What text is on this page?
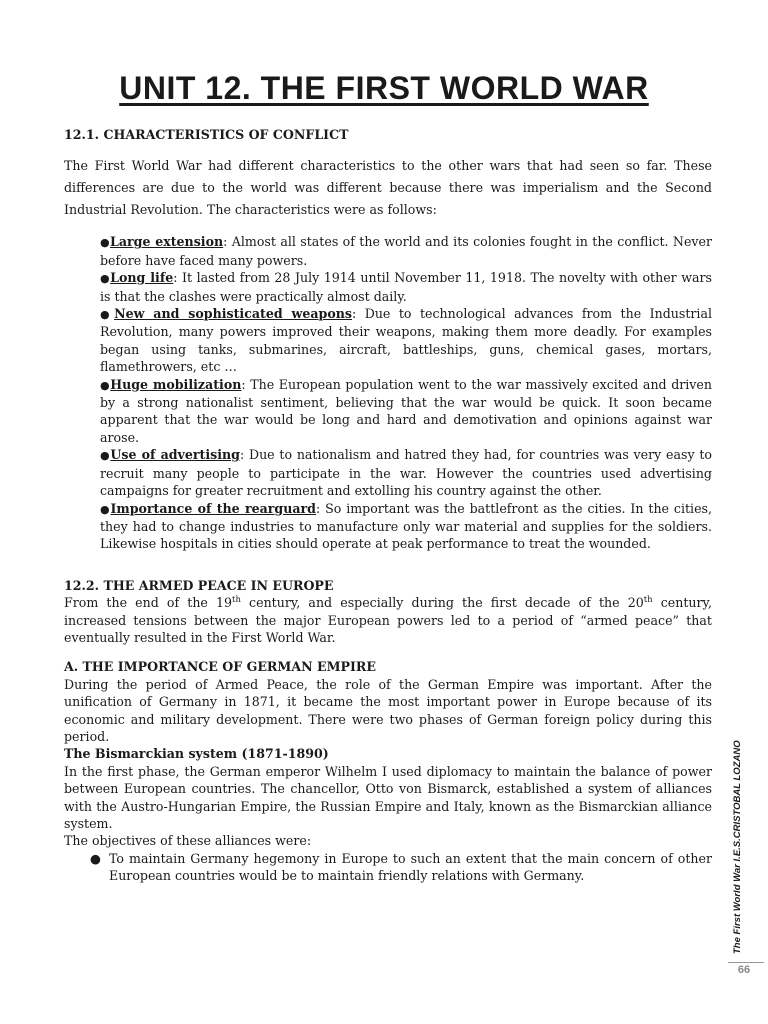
UNIT 12. THE FIRST WORLD WAR
12.1. CHARACTERISTICS OF CONFLICT

The First World War had different characteristics to the other wars that had seen so far. These differences are due to the world was different because there was imperialism and the Second Industrial Revolution. The characteristics were as follows:

●Large extension: Almost all states of the world and its colonies fought in the conflict. Never before have faced many powers.
●Long life: It lasted from 28 July 1914 until November 11, 1918. The novelty with other wars is that the clashes were practically almost daily.
●New and sophisticated weapons: Due to technological advances from the Industrial Revolution, many powers improved their weapons, making them more deadly. For examples began using tanks, submarines, aircraft, battleships, guns, chemical gases, mortars, flamethrowers, etc …
●Huge mobilization: The European population went to the war massively excited and driven by a strong nationalist sentiment, believing that the war would be quick. It soon became apparent that the war would be long and hard and demotivation and opinions against war arose.
●Use of advertising: Due to nationalism and hatred they had, for countries was very easy to recruit many people to participate in the war. However the countries used advertising campaigns for greater recruitment and extolling his country against the other.
●Importance of the rearguard: So important was the battlefront as the cities. In the cities, they had to change industries to manufacture only war material and supplies for the soldiers. Likewise hospitals in cities should operate at peak performance to treat the wounded.
12.2. THE ARMED PEACE IN EUROPE

From the end of the 19th century, and especially during the first decade of the 20th century, increased tensions between the major European powers led to a period of “armed peace” that eventually resulted in the First World War.

A. THE IMPORTANCE OF GERMAN EMPIRE

During the period of Armed Peace, the role of the German Empire was important. After the unification of Germany in 1871, it became the most important power in Europe because of its economic and military development. There were two phases of German foreign policy during this period.

The Bismarckian system (1871-1890)

In the first phase, the German emperor Wilhelm I used diplomacy to maintain the balance of power between European countries. The chancellor, Otto von Bismarck, established a system of alliances with the Austro-Hungarian Empire, the Russian Empire and Italy, known as the Bismarckian alliance system.

The objectives of these alliances were:

● To maintain Germany hegemony in Europe to such an extent that the main concern of other European countries would be to maintain friendly relations with Germany.	The First World War I.E.S.CRISTOBAL LOZANO
66
